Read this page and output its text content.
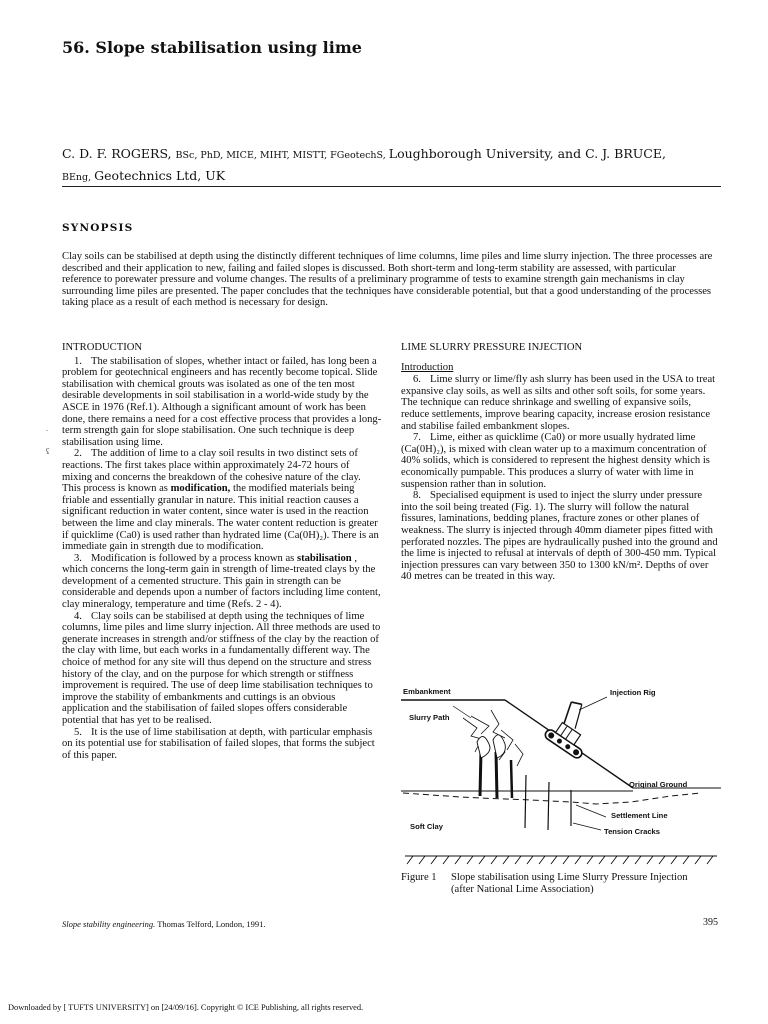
56. Slope stabilisation using lime

C. D. F. ROGERS, BSc, PhD, MICE, MIHT, MISTT, FGeotechS, Loughborough University, and C. J. BRUCE,
BEng, Geotechnics Ltd, UK

SYNOPSIS

Clay soils can be stabilised at depth using the distinctly different techniques of lime columns, lime piles and lime slurry injection. The three processes are described and their application to new, failing and failed slopes is discussed. Both short-term and long-term stability are assessed, with particular reference to porewater pressure and volume changes. The results of a preliminary programme of tests to examine strength gain mechanisms in clay surrounding lime piles are presented. The paper concludes that the techniques have considerable potential, but that a good understanding of the processes taking place as a result of each method is necessary for design.

.
ʕ
INTRODUCTION

1. The stabilisation of slopes, whether intact or failed, has long been a problem for geotechnical engineers and has recently become topical. Slide stabilisation with chemical grouts was isolated as one of the ten most desirable developments in soil stabilisation in a world-wide study by the ASCE in 1976 (Ref.1). Although a significant amount of work has been done, there remains a need for a cost effective process that provides a long-term strength gain for slope stabilisation. One such technique is deep stabilisation using lime.

2. The addition of lime to a clay soil results in two distinct sets of reactions. The first takes place within approximately 24-72 hours of mixing and concerns the breakdown of the cohesive nature of the clay. This process is known as modification, the modified materials being friable and essentially granular in nature. This initial reaction causes a significant reduction in water content, since water is used in the reaction between the lime and clay minerals. The water content reduction is greater if quicklime (Ca0) is used rather than hydrated lime (Ca(0H)₂). There is an immediate gain in strength due to modification.

3. Modification is followed by a process known as stabilisation , which concerns the long-term gain in strength of lime-treated clays by the development of a cemented structure. This gain in strength can be considerable and depends upon a number of factors including lime content, clay mineralogy, temperature and time (Refs. 2 - 4).

4. Clay soils can be stabilised at depth using the techniques of lime columns, lime piles and lime slurry injection. All three methods are used to generate increases in strength and/or stiffness of the clay by the reaction of the clay with lime, but each works in a fundamentally different way. The choice of method for any site will thus depend on the structure and stress history of the clay, and on the purpose for which strength or stiffness improvement is required. The use of deep lime stabilisation techniques to improve the stability of embankments and cuttings is an obvious application and the stabilisation of failed slopes offers considerable potential that has yet to be realised.

5. It is the use of lime stabilisation at depth, with particular emphasis on its potential use for stabilisation of failed slopes, that forms the subject of this paper.

LIME SLURRY PRESSURE INJECTION
Introduction

6. Lime slurry or lime/fly ash slurry has been used in the USA to treat expansive clay soils, as well as silts and other soft soils, for some years. The technique can reduce shrinkage and swelling of expansive soils, reduce settlements, improve bearing capacity, increase erosion resistance and stabilise failed embankment slopes.

7. Lime, either as quicklime (Ca0) or more usually hydrated lime (Ca(0H)₂), is mixed with clean water up to a maximum concentration of 40% solids, which is considered to represent the highest density which is economically pumpable. This produces a slurry of water with lime in suspension rather than in solution.

8. Specialised equipment is used to inject the slurry under pressure into the soil being treated (Fig. 1). The slurry will follow the natural fissures, laminations, bedding planes, fracture zones or other planes of weakness. The slurry is injected through 40mm diameter pipes fitted with perforated nozzles. The pipes are hydraulically pushed into the ground and the lime is injected to refusal at intervals of depth of 300-450 mm. Typical injection pressures can vary between 350 to 1300 kN/m². Depths of over 40 metres can be treated in this way.

Embankment	Injection Rig
Slurry Path
Original Ground
Settlement Line
Soft Clay
Tension Cracks
Figure 1 Slope stabilisation using Lime Slurry Pressure Injection (after National Lime Association)
Slope stability engineering. Thomas Telford, London, 1991.	395
Downloaded by [ TUFTS UNIVERSITY] on [24/09/16]. Copyright © ICE Publishing, all rights reserved.
